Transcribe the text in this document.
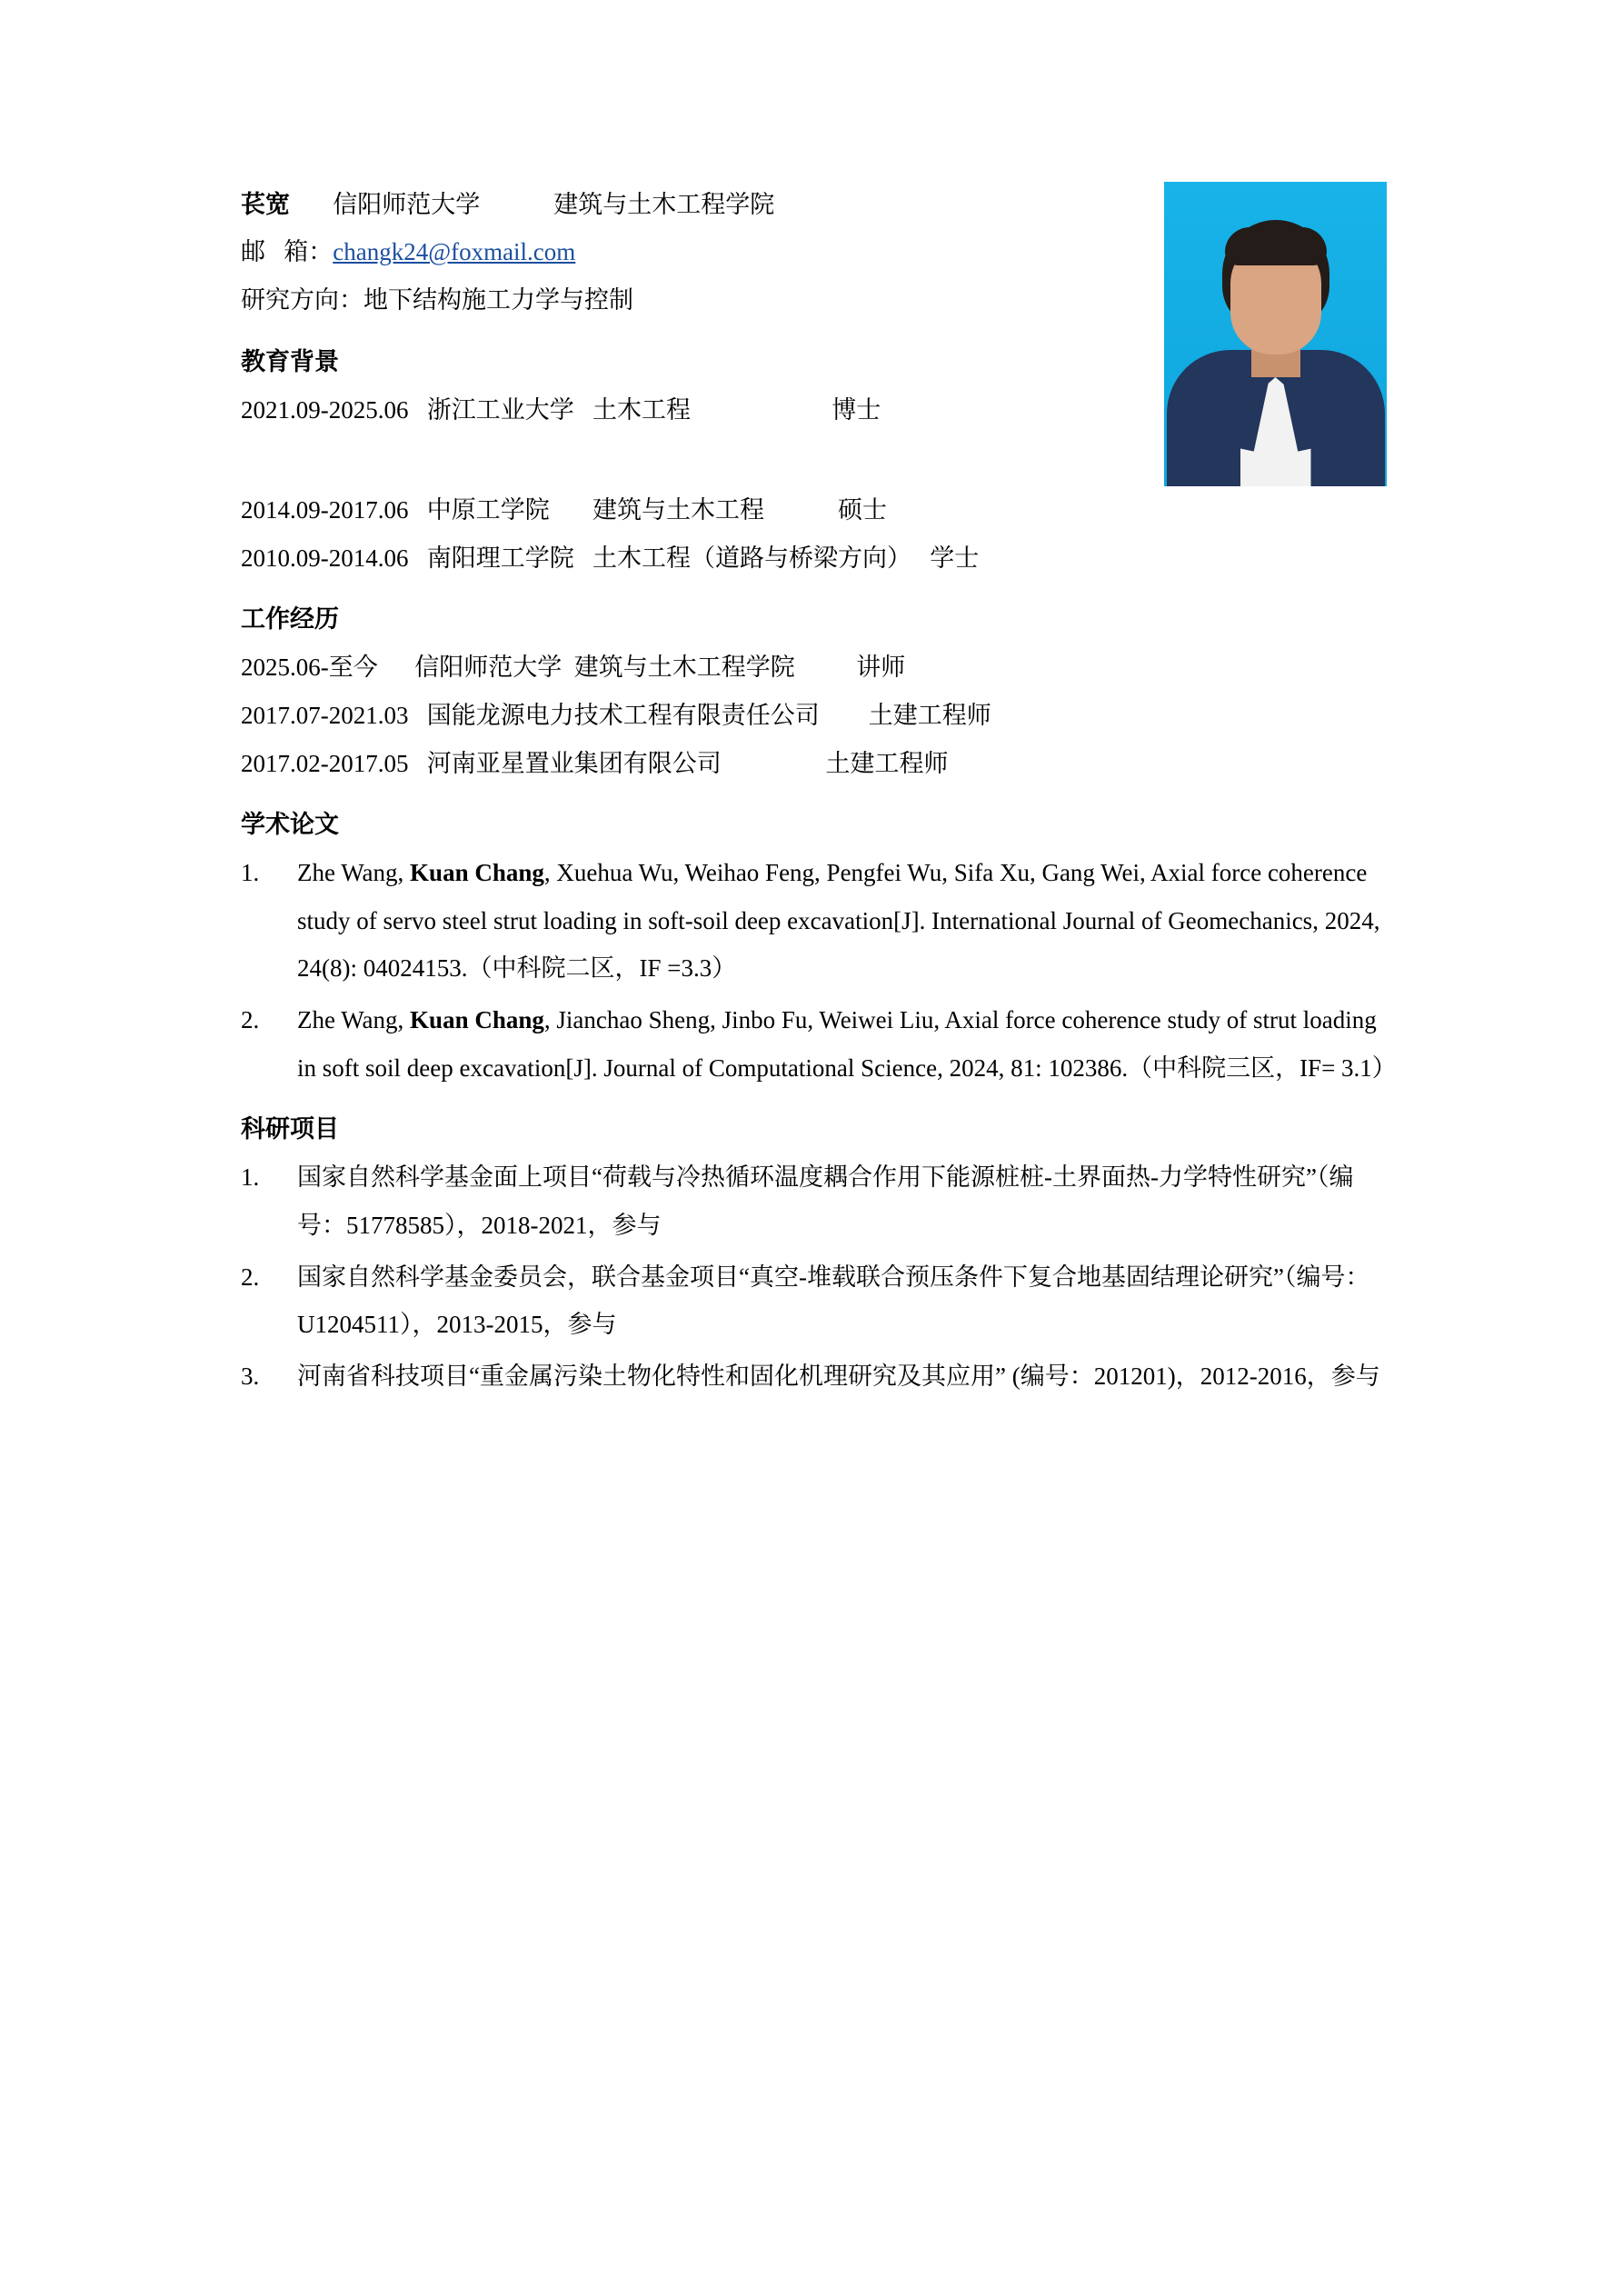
苌宽 信阳师范大学	建筑与土木工程学院
邮   箱：changk24@foxmail.com
研究方向：地下结构施工力学与控制
教育背景
2021.09-2025.06   浙江工业大学   土木工程                       博士
2014.09-2017.06   中原工学院       建筑与土木工程            硕士
2010.09-2014.06   南阳理工学院   土木工程（道路与桥梁方向）   学士
工作经历
2025.06-至今      信阳师范大学  建筑与土木工程学院          讲师
2017.07-2021.03   国能龙源电力技术工程有限责任公司        土建工程师
2017.02-2017.05   河南亚星置业集团有限公司                 土建工程师
学术论文
1.	Zhe Wang, Kuan Chang, Xuehua Wu, Weihao Feng, Pengfei Wu, Sifa Xu, Gang Wei, Axial force coherence study of servo steel strut loading in soft-soil deep excavation[J]. International Journal of Geomechanics, 2024, 24(8): 04024153.（中科院二区，IF =3.3）
2.	Zhe Wang, Kuan Chang, Jianchao Sheng, Jinbo Fu, Weiwei Liu, Axial force coherence study of strut loading in soft soil deep excavation[J]. Journal of Computational Science, 2024, 81: 102386.（中科院三区，IF= 3.1）
科研项目
1.	国家自然科学基金面上项目“荷载与冷热循环温度耦合作用下能源桩桩-土界面热-力学特性研究”（编号：51778585），2018-2021，参与
2.	国家自然科学基金委员会，联合基金项目“真空-堆载联合预压条件下复合地基固结理论研究”（编号：U1204511），2013-2015，参与
3.	河南省科技项目“重金属污染土物化特性和固化机理研究及其应用” (编号：201201)，2012-2016，参与
